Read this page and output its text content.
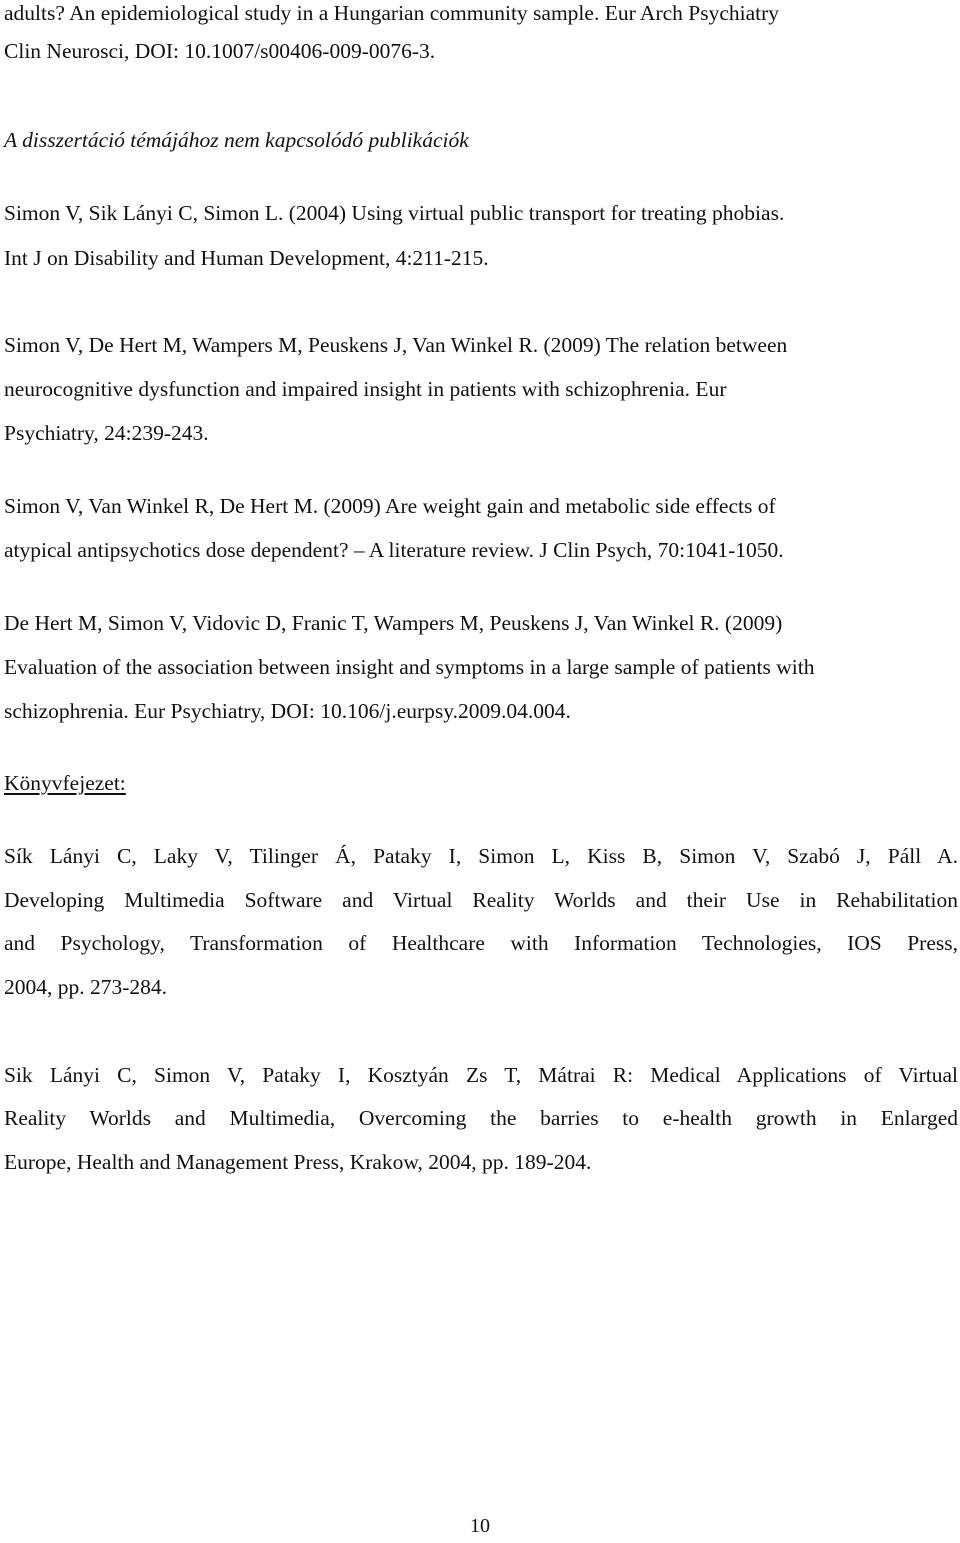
adults? An epidemiological study in a Hungarian community sample. Eur Arch Psychiatry
Clin Neurosci, DOI: 10.1007/s00406-009-0076-3.
A disszertáció témájához nem kapcsolódó publikációk
Simon V, Sik Lányi C, Simon L. (2004) Using virtual public transport for treating phobias.
Int J on Disability and Human Development, 4:211-215.
Simon V, De Hert M, Wampers M, Peuskens J, Van Winkel R. (2009) The relation between
neurocognitive dysfunction and impaired insight in patients with schizophrenia. Eur
Psychiatry, 24:239-243.
Simon V, Van Winkel R, De Hert M. (2009) Are weight gain and metabolic side effects of
atypical antipsychotics dose dependent? – A literature review. J Clin Psych, 70:1041-1050.
De Hert M, Simon V, Vidovic D, Franic T, Wampers M, Peuskens J, Van Winkel R. (2009)
Evaluation of the association between insight and symptoms in a large sample of patients with
schizophrenia. Eur Psychiatry, DOI: 10.106/j.eurpsy.2009.04.004.
Könyvfejezet:
Sík Lányi C, Laky V, Tilinger Á, Pataky I, Simon L, Kiss B, Simon V, Szabó J, Páll A.
Developing Multimedia Software and Virtual Reality Worlds and their Use in Rehabilitation
and Psychology, Transformation of Healthcare with Information Technologies, IOS Press,
2004, pp. 273-284.
Sik Lányi C, Simon V, Pataky I, Kosztyán Zs T, Mátrai R: Medical Applications of Virtual
Reality Worlds and Multimedia, Overcoming the barries to e-health growth in Enlarged
Europe, Health and Management Press, Krakow, 2004, pp. 189-204.
10
